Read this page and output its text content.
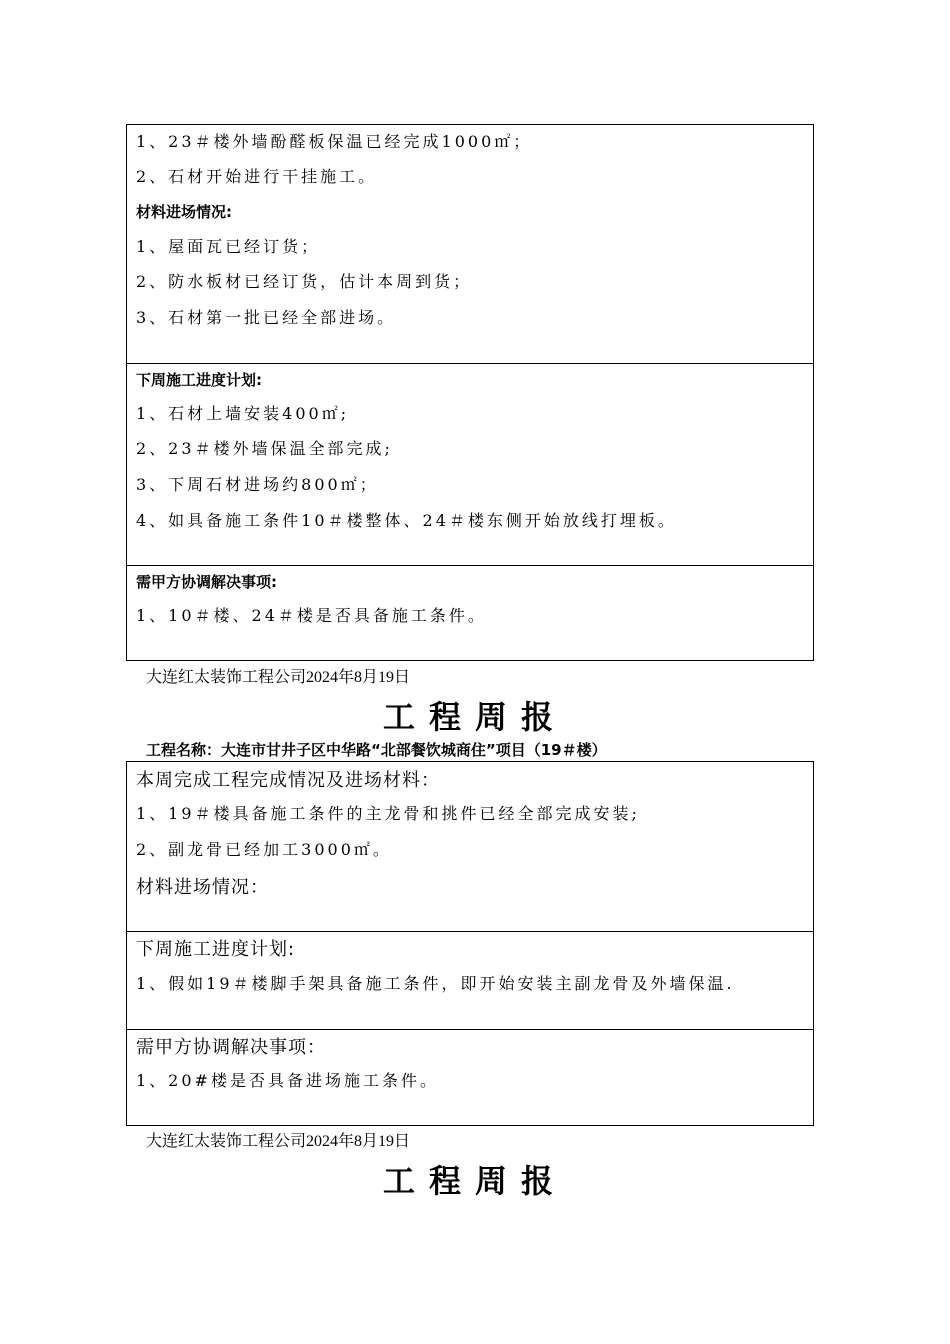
1、23＃楼外墙酚醛板保温已经完成1000㎡；
2、石材开始进行干挂施工。
材料进场情况:
1、屋面瓦已经订货；
2、防水板材已经订货，估计本周到货；
3、石材第一批已经全部进场。
下周施工进度计划:
1、石材上墙安装400㎡;
2、23＃楼外墙保温全部完成;
3、下周石材进场约800㎡；
4、如具备施工条件10＃楼整体、24＃楼东侧开始放线打埋板。
需甲方协调解决事项:
1、10＃楼、24＃楼是否具备施工条件。
大连红太装饰工程公司2024年8月19日
工程周报
工程名称：大连市甘井子区中华路“北部餐饮城商住”项目（19＃楼）
本周完成工程完成情况及进场材料：
1、19＃楼具备施工条件的主龙骨和挑件已经全部完成安装;
2、副龙骨已经加工3000㎡。
材料进场情况：
下周施工进度计划:
1、假如19＃楼脚手架具备施工条件，即开始安装主副龙骨及外墙保温.
需甲方协调解决事项：
1、20#楼是否具备进场施工条件。
大连红太装饰工程公司2024年8月19日
工程周报
